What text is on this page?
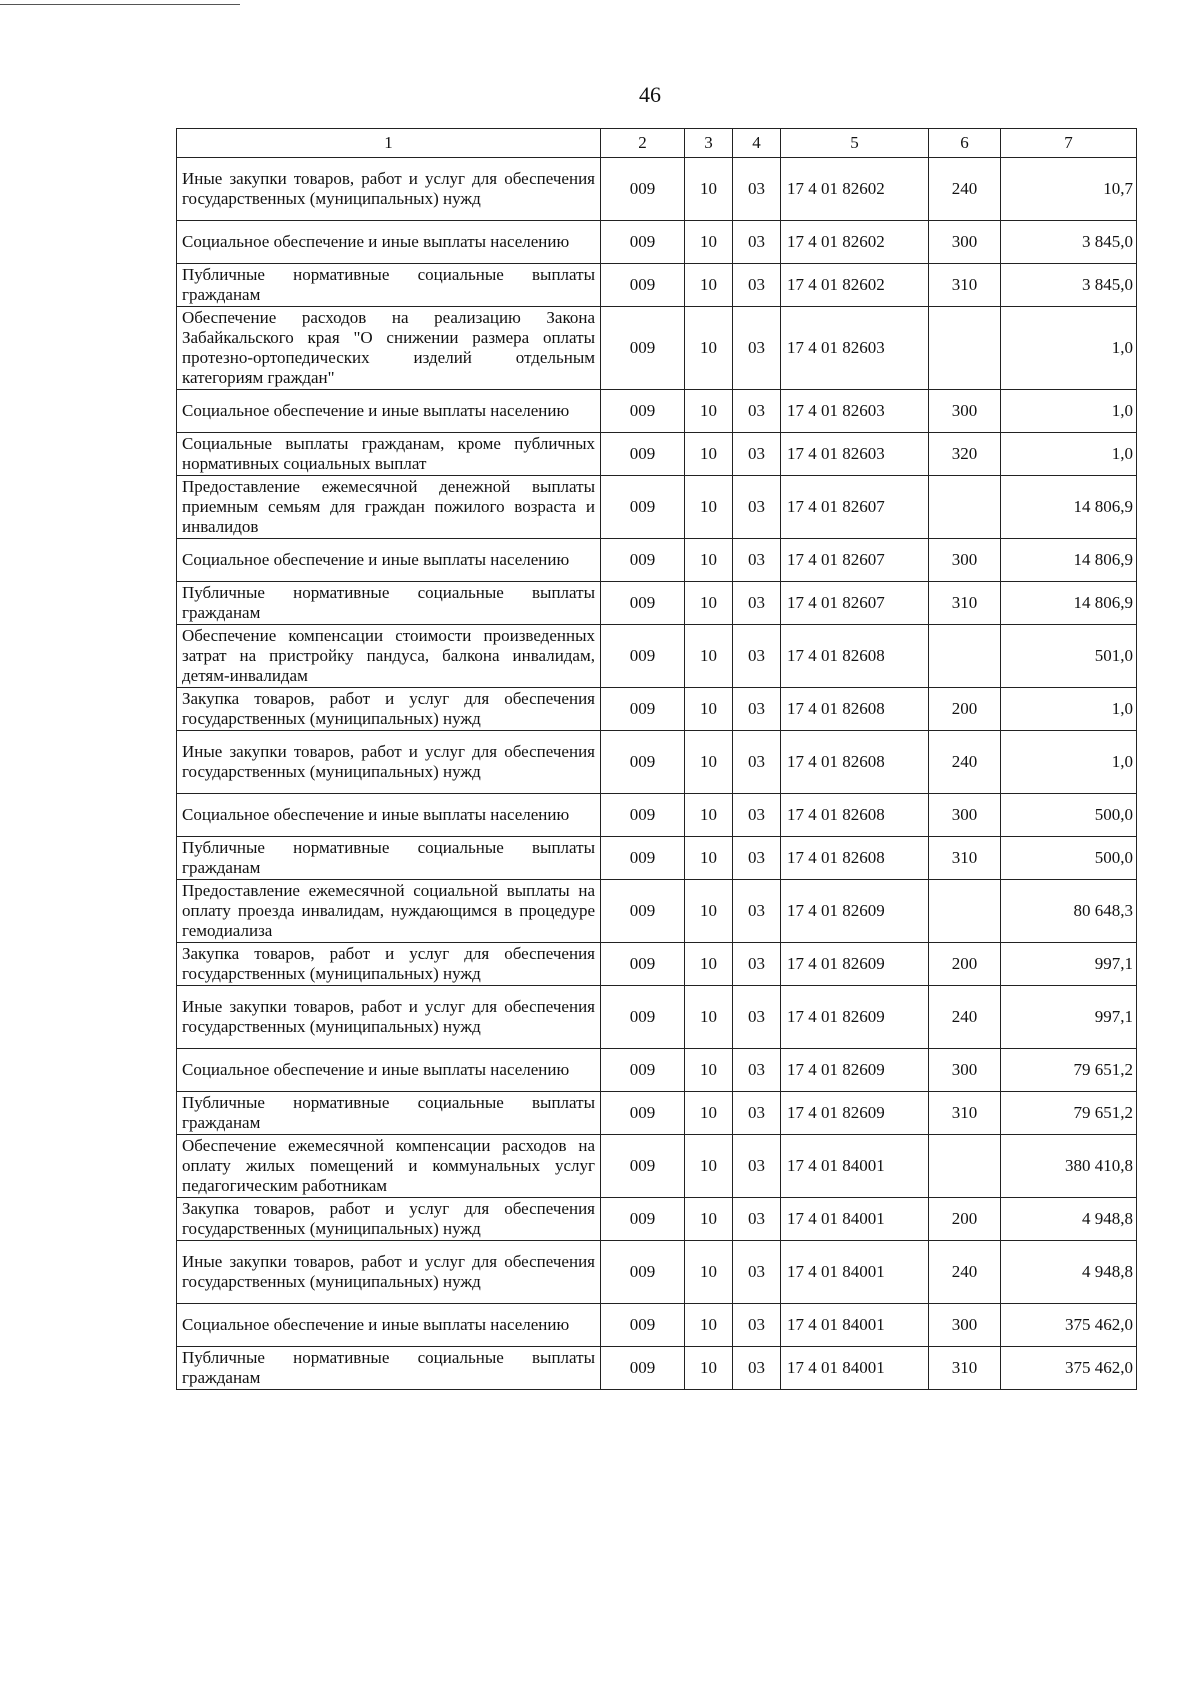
46
1	2	3	4	5	6	7
Иные закупки товаров, работ и услуг для обеспечения государственных (муниципальных) нужд	009	10	03	17 4 01 82602	240	10,7
Социальное обеспечение и иные выплаты населению	009	10	03	17 4 01 82602	300	3 845,0
Публичные нормативные социальные выплаты гражданам	009	10	03	17 4 01 82602	310	3 845,0
Обеспечение расходов на реализацию Закона Забайкальского края "О снижении размера оплаты протезно-ортопедических изделий отдельным категориям граждан"	009	10	03	17 4 01 82603		1,0
Социальное обеспечение и иные выплаты населению	009	10	03	17 4 01 82603	300	1,0
Социальные выплаты гражданам, кроме публичных нормативных социальных выплат	009	10	03	17 4 01 82603	320	1,0
Предоставление ежемесячной денежной выплаты приемным семьям для граждан пожилого возраста и инвалидов	009	10	03	17 4 01 82607		14 806,9
Социальное обеспечение и иные выплаты населению	009	10	03	17 4 01 82607	300	14 806,9
Публичные нормативные социальные выплаты гражданам	009	10	03	17 4 01 82607	310	14 806,9
Обеспечение компенсации стоимости произведенных затрат на пристройку пандуса, балкона инвалидам, детям-инвалидам	009	10	03	17 4 01 82608		501,0
Закупка товаров, работ и услуг для обеспечения государственных (муниципальных) нужд	009	10	03	17 4 01 82608	200	1,0
Иные закупки товаров, работ и услуг для обеспечения государственных (муниципальных) нужд	009	10	03	17 4 01 82608	240	1,0
Социальное обеспечение и иные выплаты населению	009	10	03	17 4 01 82608	300	500,0
Публичные нормативные социальные выплаты гражданам	009	10	03	17 4 01 82608	310	500,0
Предоставление ежемесячной социальной выплаты на оплату проезда инвалидам, нуждающимся в процедуре гемодиализа	009	10	03	17 4 01 82609		80 648,3
Закупка товаров, работ и услуг для обеспечения государственных (муниципальных) нужд	009	10	03	17 4 01 82609	200	997,1
Иные закупки товаров, работ и услуг для обеспечения государственных (муниципальных) нужд	009	10	03	17 4 01 82609	240	997,1
Социальное обеспечение и иные выплаты населению	009	10	03	17 4 01 82609	300	79 651,2
Публичные нормативные социальные выплаты гражданам	009	10	03	17 4 01 82609	310	79 651,2
Обеспечение ежемесячной компенсации расходов на оплату жилых помещений и коммунальных услуг педагогическим работникам	009	10	03	17 4 01 84001		380 410,8
Закупка товаров, работ и услуг для обеспечения государственных (муниципальных) нужд	009	10	03	17 4 01 84001	200	4 948,8
Иные закупки товаров, работ и услуг для обеспечения государственных (муниципальных) нужд	009	10	03	17 4 01 84001	240	4 948,8
Социальное обеспечение и иные выплаты населению	009	10	03	17 4 01 84001	300	375 462,0
Публичные нормативные социальные выплаты гражданам	009	10	03	17 4 01 84001	310	375 462,0
